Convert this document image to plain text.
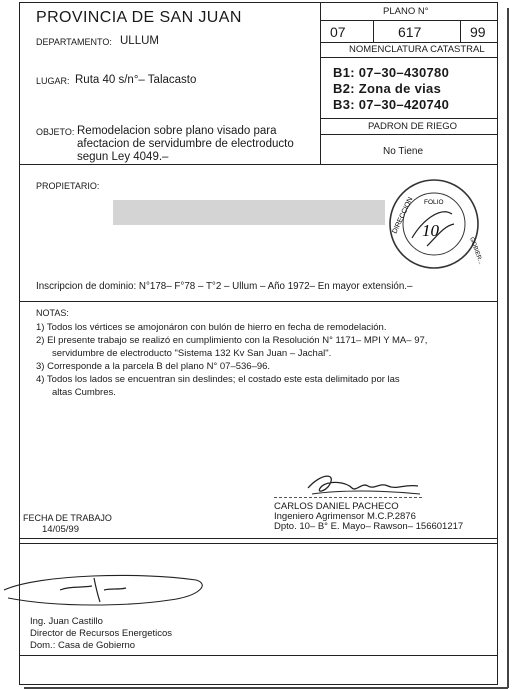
PROVINCIA DE SAN JUAN
DEPARTAMENTO: ULLUM
LUGAR: Ruta 40 s/n°– Talacasto
OBJETO: Remodelacion sobre plano visado para
afectacion de servidumbre de electroducto
segun Ley 4049.–
PLANO N°
07	617	99
NOMENCLATURA CATASTRAL
B1: 07–30–430780
B2: Zona de vias
B3: 07–30–420740
PADRON DE RIEGO
No Tiene
PROPIETARIO:
DIRECCION FOLIO
GOBIER...
10
Inscripcion de dominio: N°178– F°78 – T°2 – Ullum – Año 1972– En mayor extensión.–
NOTAS:
1) Todos los vértices se amojonáron con bulón de hierro en fecha de remodelación.
2) El presente trabajo se realizó en cumplimiento con la Resolución N° 1171– MPI Y MA– 97,
servidumbre de electroducto "Sistema 132 Kv San Juan – Jachal".
3) Corresponde a la parcela B del plano N° 07–536–96.
4) Todos los lados se encuentran sin deslindes; el costado este esta delimitado por las
altas Cumbres.
CARLOS DANIEL PACHECO
Ingeniero Agrimensor M.C.P.2876
Dpto. 10– B° E. Mayo– Rawson– 156601217
FECHA DE TRABAJO
14/05/99
Ing. Juan Castillo
Director de Recursos Energeticos
Dom.: Casa de Gobierno
